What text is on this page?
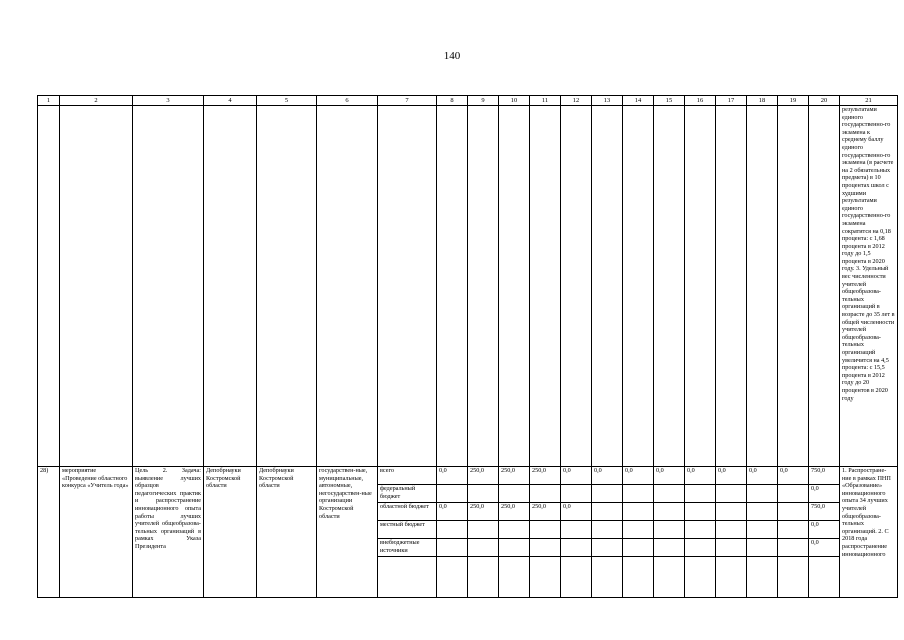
140
1	2	3	4	5	6	7	8	9	10	11	12	13	14	15	16	17	18	19	20	21
																				результатами единого государственно-го экзамена к среднему баллу единого государственно-го экзамена (в расчете на 2 обязательных предмета) в 10 процентах школ с худшими результатами единого государственно-го экзамена сократится на 0,18 процента: с 1,68 процента в 2012 году до 1,5 процента в 2020 году. 3. Удельный вес численности учителей общеобразова-тельных организаций в возрасте до 35 лет в общей численности учителей общеобразова-тельных организаций увеличится на 4,5 процента: с 15,5 процента в 2012 году до 20 процентов в 2020 году
28)	мероприятие «Проведение областного конкурса «Учитель года»	Цель 2. Задача: выявление лучших образцов педагогических практик и распространение инновационного опыта работы лучших учителей общеобразова-тельных организаций в рамках Указа Президента	Депобрнауки Костромской области	Депобрнауки Костромской области	государствен-ные, муниципальные, автономные, негосударствен-ные организации Костромской области	всего	0,0	250,0	250,0	250,0	0,0	0,0	0,0	0,0	0,0	0,0	0,0	0,0	750,0	1. Распростране-ние в рамках ПНП «Образование» инновационного опыта 34 лучших учителей общеобразова-тельных организаций. 2. С 2018 года распространение инновационного
						федеральный бюджет													0,0	
						областной бюджет	0,0	250,0	250,0	250,0	0,0								750,0	
						местный бюджет													0,0	
						внебюджетные источники													0,0	
